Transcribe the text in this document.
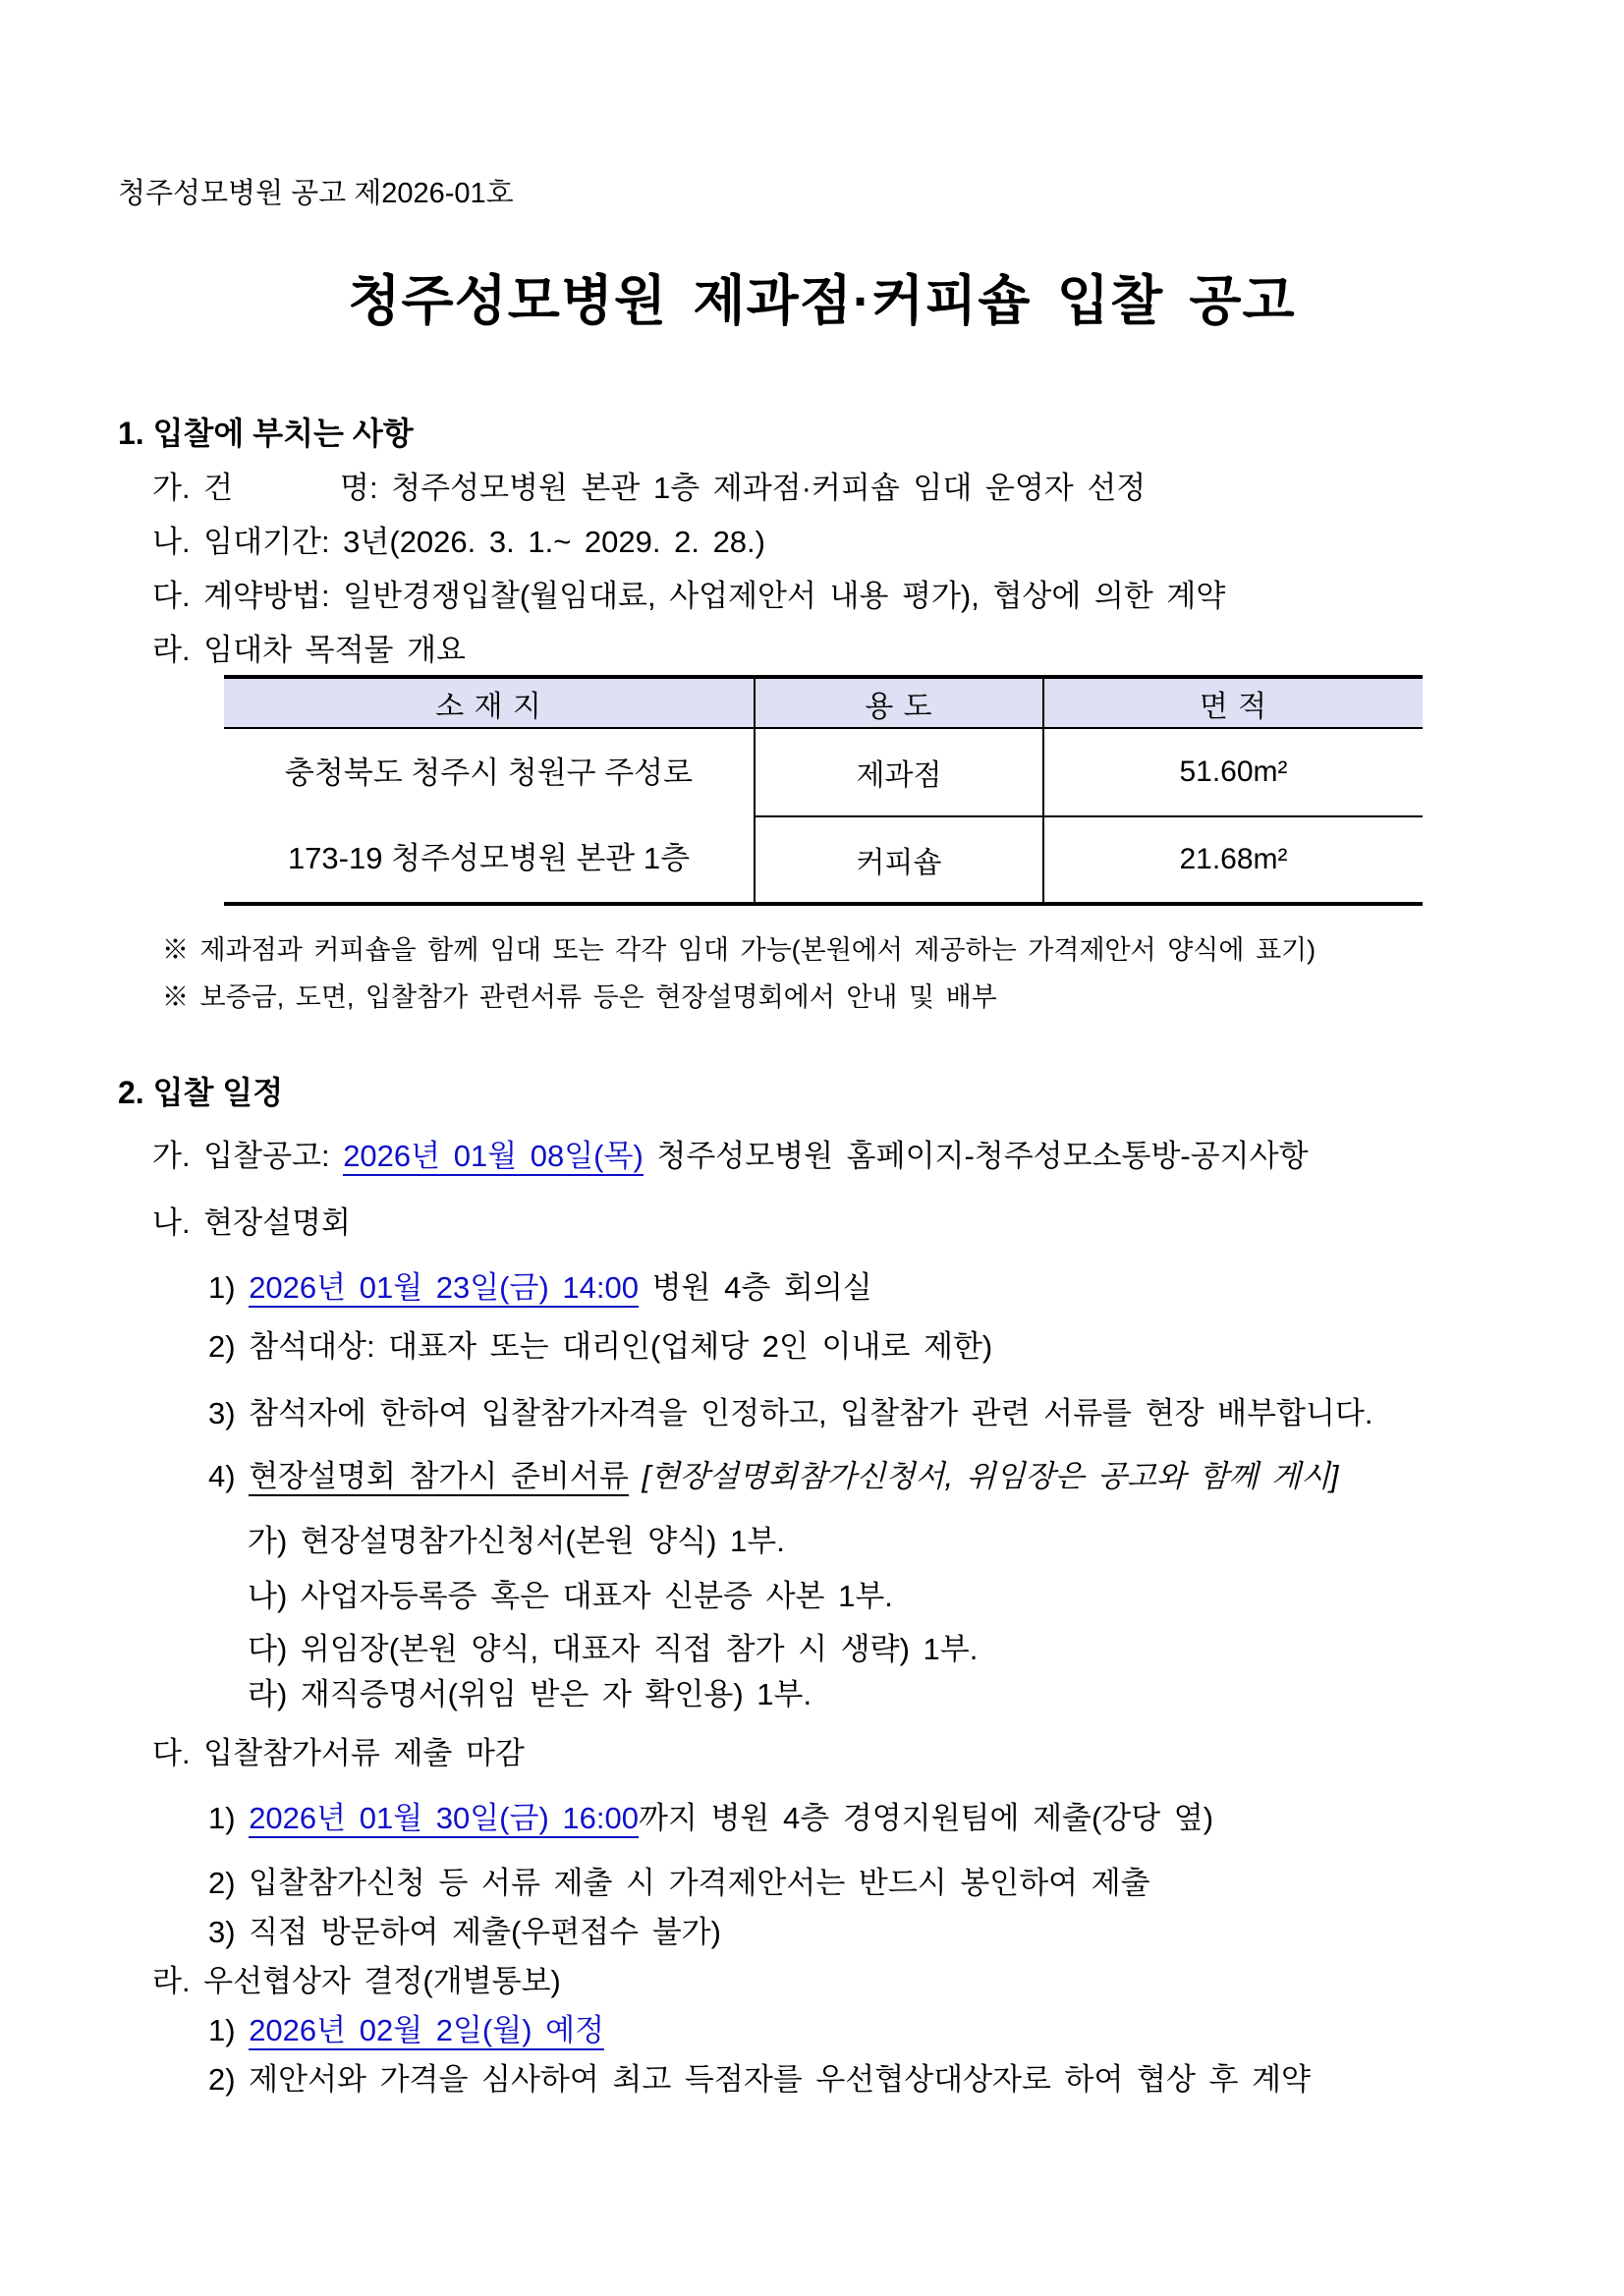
청주성모병원 공고 제2026-01호
청주성모병원 제과점·커피숍 입찰 공고
1. 입찰에 부치는 사항
가. 건        명: 청주성모병원 본관 1층 제과점·커피숍 임대 운영자 선정
나. 임대기간: 3년(2026. 3. 1.~ 2029. 2. 28.)
다. 계약방법: 일반경쟁입찰(월임대료, 사업제안서 내용 평가), 협상에 의한 계약
라. 임대차 목적물 개요
소 재 지	용 도	면 적

충청북도 청주시 청원구 주성로
173-19 청주성모병원 본관 1층	제과점	51.60m²
	커피숍	21.68m²
※ 제과점과 커피숍을 함께 임대 또는 각각 임대 가능(본원에서 제공하는 가격제안서 양식에 표기)
※ 보증금, 도면, 입찰참가 관련서류 등은 현장설명회에서 안내 및 배부
2. 입찰 일정
가. 입찰공고: 2026년 01월 08일(목) 청주성모병원 홈페이지-청주성모소통방-공지사항
나. 현장설명회
1) 2026년 01월 23일(금) 14:00 병원 4층 회의실
2) 참석대상: 대표자 또는 대리인(업체당 2인 이내로 제한)
3) 참석자에 한하여 입찰참가자격을 인정하고, 입찰참가 관련 서류를 현장 배부합니다.
4) 현장설명회 참가시 준비서류 [현장설명회참가신청서, 위임장은 공고와 함께 게시]
가) 현장설명참가신청서(본원 양식) 1부.
나) 사업자등록증 혹은 대표자 신분증 사본 1부.
다) 위임장(본원 양식, 대표자 직접 참가 시 생략) 1부.
라) 재직증명서(위임 받은 자 확인용) 1부.
다. 입찰참가서류 제출 마감
1) 2026년 01월 30일(금) 16:00까지 병원 4층 경영지원팀에 제출(강당 옆)
2) 입찰참가신청 등 서류 제출 시 가격제안서는 반드시 봉인하여 제출
3) 직접 방문하여 제출(우편접수 불가)
라. 우선협상자 결정(개별통보)
1) 2026년 02월 2일(월) 예정
2) 제안서와 가격을 심사하여 최고 득점자를 우선협상대상자로 하여 협상 후 계약
